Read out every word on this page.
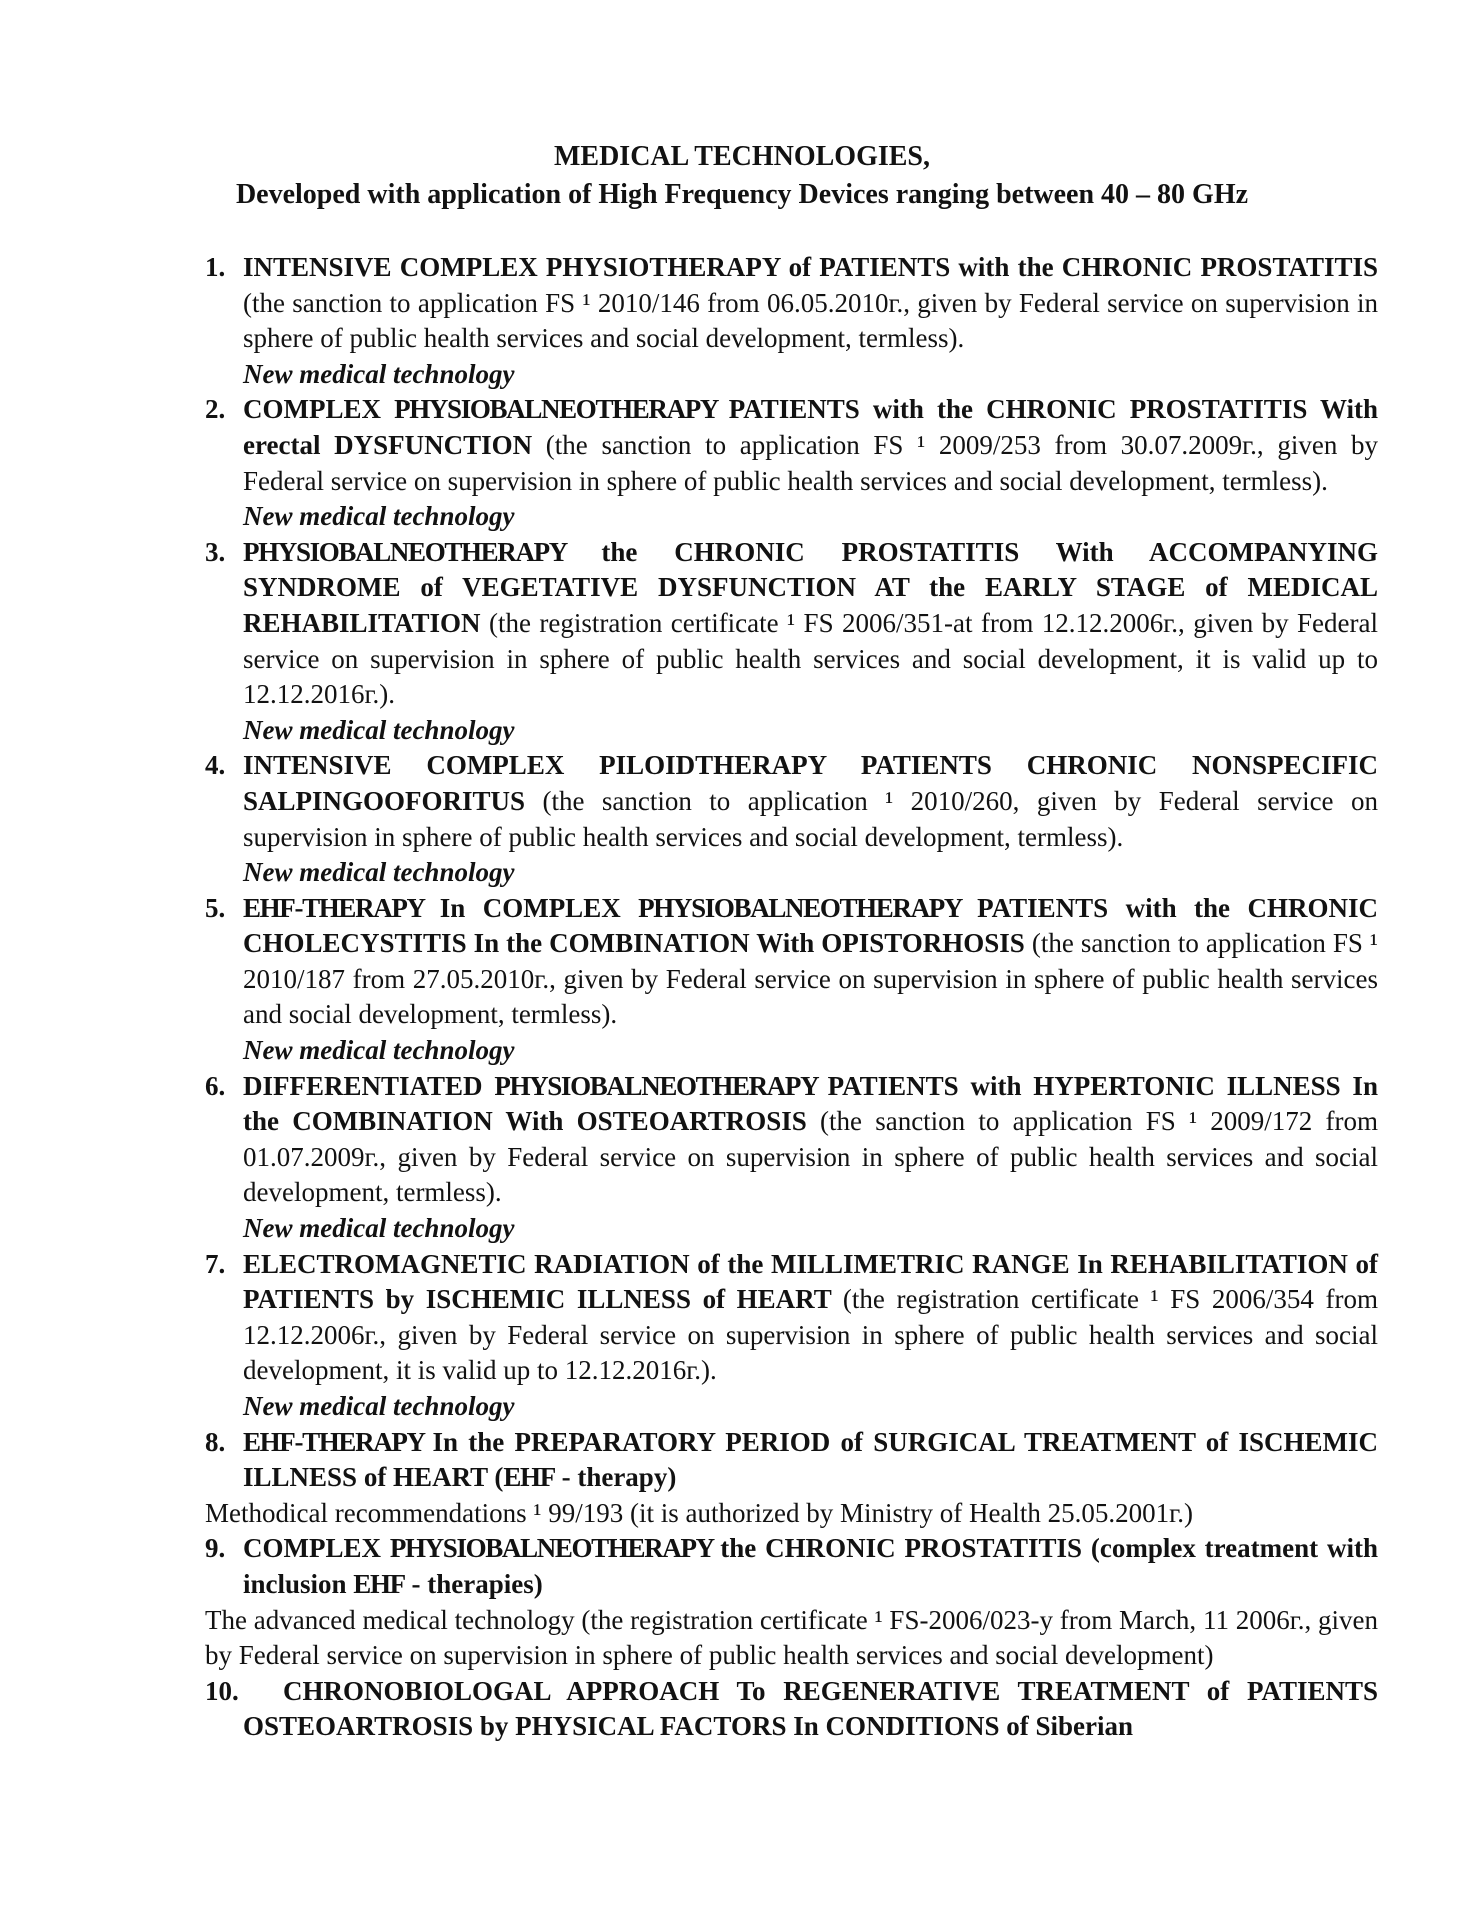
MEDICAL TECHNOLOGIES,
Developed with application of High Frequency Devices ranging between 40 – 80 GHz
1. INTENSIVE COMPLEX PHYSIOTHERAPY of PATIENTS with the CHRONIC PROSTATITIS (the sanction to application FS ¹ 2010/146 from 06.05.2010г., given by Federal service on supervision in sphere of public health services and social development, termless).
New medical technology
2. COMPLEX PHYSIOBALNEOTHERAPY PATIENTS with the CHRONIC PROSTATITIS With erectal DYSFUNCTION (the sanction to application FS ¹ 2009/253 from 30.07.2009г., given by Federal service on supervision in sphere of public health services and social development, termless).
New medical technology
3. PHYSIOBALNEOTHERAPY the CHRONIC PROSTATITIS With ACCOMPANYING SYNDROME of VEGETATIVE DYSFUNCTION AT the EARLY STAGE of MEDICAL REHABILITATION (the registration certificate ¹ FS 2006/351-at from 12.12.2006г., given by Federal service on supervision in sphere of public health services and social development, it is valid up to 12.12.2016г.).
New medical technology
4. INTENSIVE COMPLEX PILOIDTHERAPY PATIENTS CHRONIC NONSPECIFIC SALPINGOOFORITUS (the sanction to application ¹ 2010/260, given by Federal service on supervision in sphere of public health services and social development, termless).
New medical technology
5. EHF-THERAPY In COMPLEX PHYSIOBALNEOTHERAPY PATIENTS with the CHRONIC CHOLECYSTITIS In the COMBINATION With OPISTORHOSIS (the sanction to application FS ¹ 2010/187 from 27.05.2010г., given by Federal service on supervision in sphere of public health services and social development, termless).
New medical technology
6. DIFFERENTIATED PHYSIOBALNEOTHERAPY PATIENTS with HYPERTONIC ILLNESS In the COMBINATION With OSTEOARTROSIS (the sanction to application FS ¹ 2009/172 from 01.07.2009г., given by Federal service on supervision in sphere of public health services and social development, termless).
New medical technology
7. ELECTROMAGNETIC RADIATION of the MILLIMETRIC RANGE In REHABILITATION of PATIENTS by ISCHEMIC ILLNESS of HEART (the registration certificate ¹ FS 2006/354 from 12.12.2006г., given by Federal service on supervision in sphere of public health services and social development, it is valid up to 12.12.2016г.).
New medical technology
8. EHF-THERAPY In the PREPARATORY PERIOD of SURGICAL TREATMENT of ISCHEMIC ILLNESS of HEART (EHF - therapy)
Methodical recommendations ¹ 99/193 (it is authorized by Ministry of Health 25.05.2001г.)
9. COMPLEX PHYSIOBALNEOTHERAPY the CHRONIC PROSTATITIS (complex treatment with inclusion EHF - therapies)
The advanced medical technology (the registration certificate ¹ FS-2006/023-y from March, 11 2006г., given by Federal service on supervision in sphere of public health services and social development)
10.	CHRONOBIOLOGAL APPROACH To REGENERATIVE TREATMENT of PATIENTS OSTEOARTROSIS by PHYSICAL FACTORS In CONDITIONS of Siberian
